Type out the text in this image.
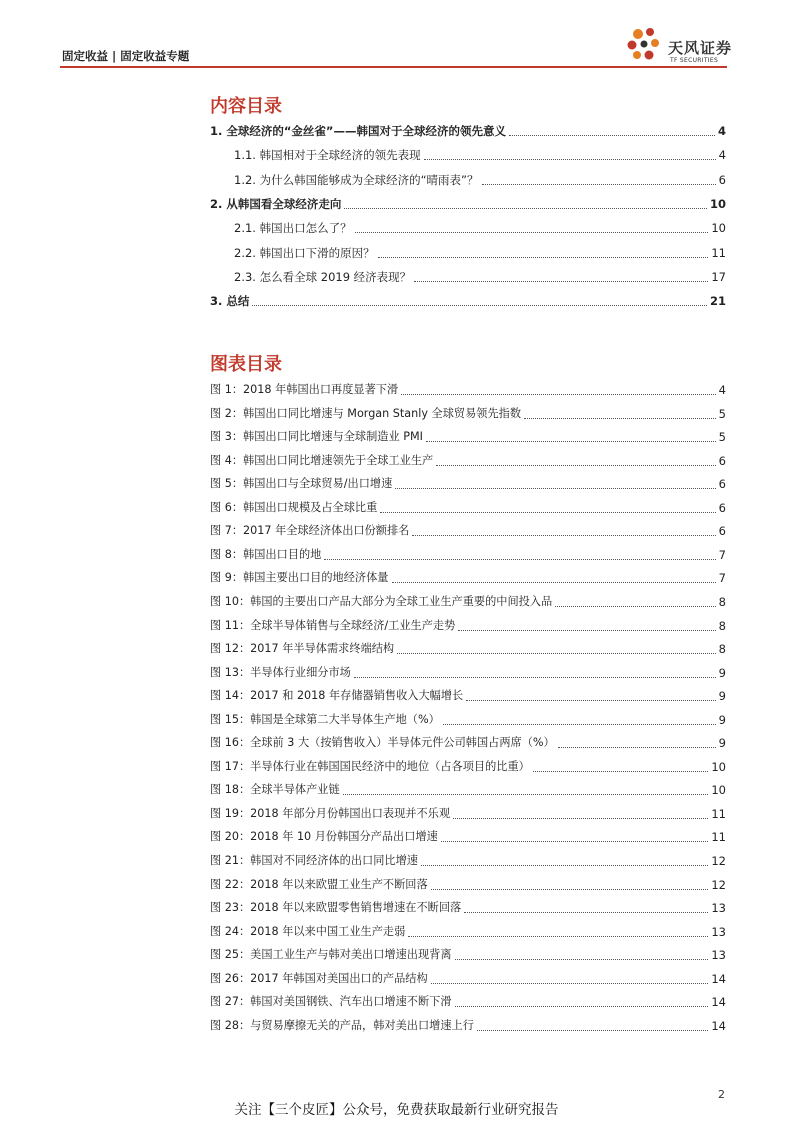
固定收益 | 固定收益专题	天风证券
TF SECURITIES
内容目录
1. 全球经济的“金丝雀”——韩国对于全球经济的领先意义	4
1.1. 韩国相对于全球经济的领先表现	4
1.2. 为什么韩国能够成为全球经济的“晴雨表”？	6
2. 从韩国看全球经济走向	10
2.1. 韩国出口怎么了？	10
2.2. 韩国出口下滑的原因？	11
2.3. 怎么看全球 2019 经济表现？	17
3. 总结	21
图表目录
图 1：2018 年韩国出口再度显著下滑	4
图 2：韩国出口同比增速与 Morgan Stanly 全球贸易领先指数	5
图 3：韩国出口同比增速与全球制造业 PMI	5
图 4：韩国出口同比增速领先于全球工业生产	6
图 5：韩国出口与全球贸易/出口增速	6
图 6：韩国出口规模及占全球比重	6
图 7：2017 年全球经济体出口份额排名	6
图 8：韩国出口目的地	7
图 9：韩国主要出口目的地经济体量	7
图 10：韩国的主要出口产品大部分为全球工业生产重要的中间投入品	8
图 11：全球半导体销售与全球经济/工业生产走势	8
图 12：2017 年半导体需求终端结构	8
图 13：半导体行业细分市场	9
图 14：2017 和 2018 年存储器销售收入大幅增长	9
图 15：韩国是全球第二大半导体生产地（%）	9
图 16：全球前 3 大（按销售收入）半导体元件公司韩国占两席（%）	9
图 17：半导体行业在韩国国民经济中的地位（占各项目的比重）	10
图 18：全球半导体产业链	10
图 19：2018 年部分月份韩国出口表现并不乐观	11
图 20：2018 年 10 月份韩国分产品出口增速	11
图 21：韩国对不同经济体的出口同比增速	12
图 22：2018 年以来欧盟工业生产不断回落	12
图 23：2018 年以来欧盟零售销售增速在不断回落	13
图 24：2018 年以来中国工业生产走弱	13
图 25：美国工业生产与韩对美出口增速出现背离	13
图 26：2017 年韩国对美国出口的产品结构	14
图 27：韩国对美国钢铁、汽车出口增速不断下滑	14
图 28：与贸易摩擦无关的产品，韩对美出口增速上行	14
2
关注【三个皮匠】公众号，免费获取最新行业研究报告
